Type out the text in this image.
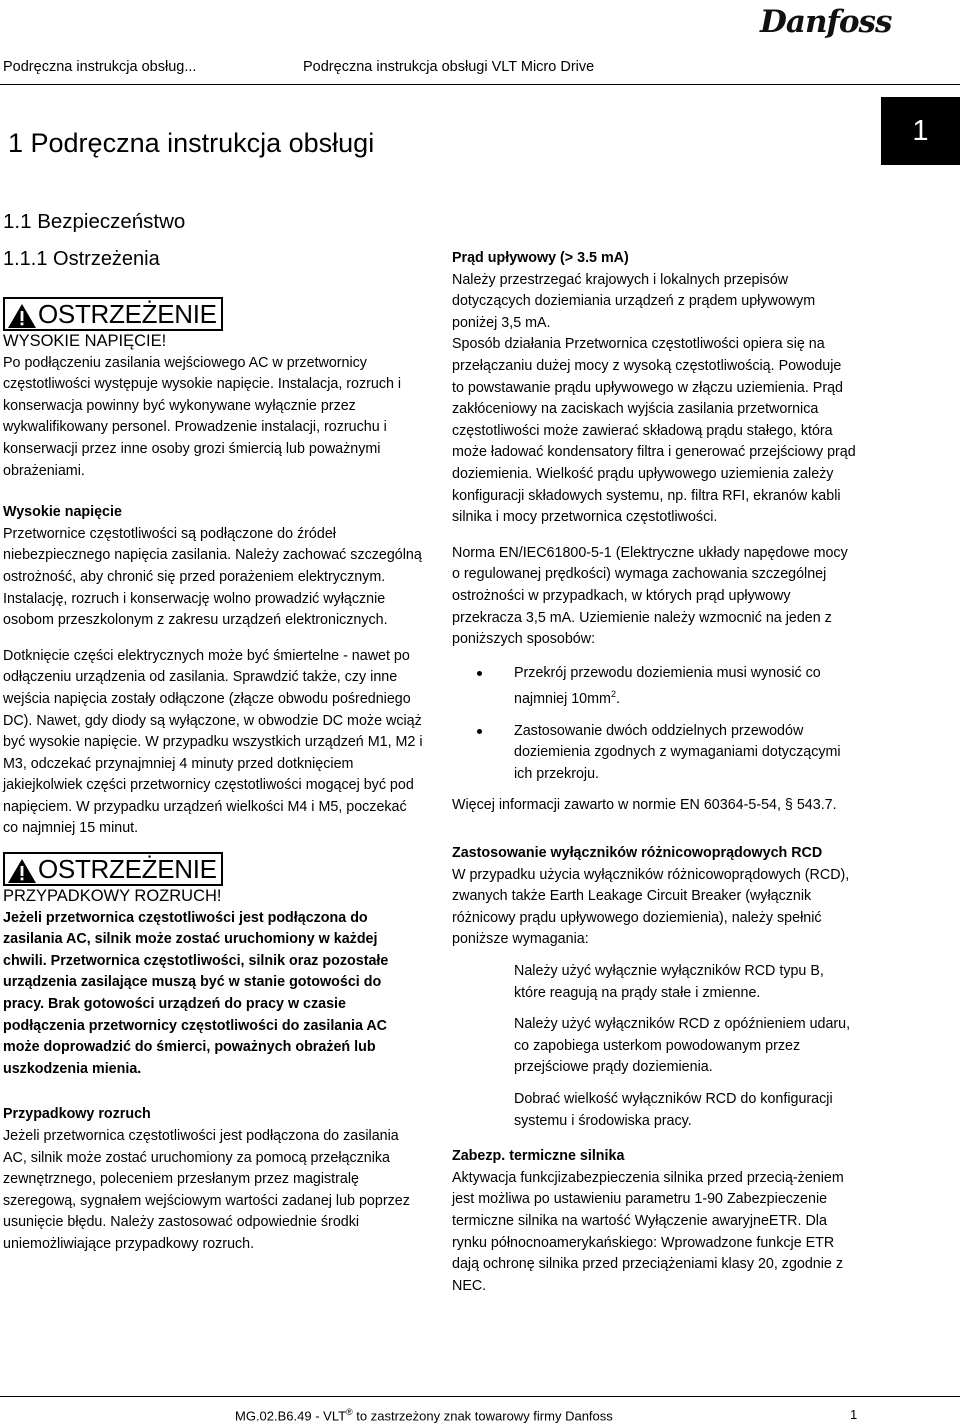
Podręczna instrukcja obsług...	Podręczna instrukcja obsługi VLT Micro Drive
Danfoss
1
1 Podręczna instrukcja obsługi
1.1 Bezpieczeństwo
1.1.1 Ostrzeżenia
OSTRZEŻENIE

WYSOKIE NAPIĘCIE!

Po podłączeniu zasilania wejściowego AC w przetwornicy częstotliwości występuje wysokie napięcie. Instalacja, rozruch i konserwacja powinny być wykonywane wyłącznie przez wykwalifikowany personel. Prowadzenie instalacji, rozruchu i konserwacji przez inne osoby grozi śmiercią lub poważnymi obrażeniami.

Wysokie napięcie

Przetwornice częstotliwości są podłączone do źródeł niebezpiecznego napięcia zasilania. Należy zachować szczególną ostrożność, aby chronić się przed porażeniem elektrycznym. Instalację, rozruch i konserwację wolno prowadzić wyłącznie osobom przeszkolonym z zakresu urządzeń elektronicznych.

Dotknięcie części elektrycznych może być śmiertelne - nawet po odłączeniu urządzenia od zasilania. Sprawdzić także, czy inne wejścia napięcia zostały odłączone (złącze obwodu pośredniego DC). Nawet, gdy diody są wyłączone, w obwodzie DC może wciąż być wysokie napięcie. W przypadku wszystkich urządzeń M1, M2 i M3, odczekać przynajmniej 4 minuty przed dotknięciem jakiejkolwiek części przetwornicy częstotliwości mogącej być pod napięciem. W przypadku urządzeń wielkości M4 i M5, poczekać co najmniej 15 minut.

OSTRZEŻENIE

PRZYPADKOWY ROZRUCH!

Jeżeli przetwornica częstotliwości jest podłączona do zasilania AC, silnik może zostać uruchomiony w każdej chwili. Przetwornica częstotliwości, silnik oraz pozostałe urządzenia zasilające muszą być w stanie gotowości do pracy. Brak gotowości urządzeń do pracy w czasie podłączenia przetwornicy częstotliwości do zasilania AC może doprowadzić do śmierci, poważnych obrażeń lub uszkodzenia mienia.

Przypadkowy rozruch

Jeżeli przetwornica częstotliwości jest podłączona do zasilania AC, silnik może zostać uruchomiony za pomocą przełącznika zewnętrznego, poleceniem przesłanym przez magistralę szeregową, sygnałem wejściowym wartości zadanej lub poprzez usunięcie błędu. Należy zastosować odpowiednie środki uniemożliwiające przypadkowy rozruch.

Prąd upływowy (> 3.5 mA)

Należy przestrzegać krajowych i lokalnych przepisów dotyczących doziemiania urządzeń z prądem upływowym poniżej 3,5 mA.

Sposób działania Przetwornica częstotliwości opiera się na przełączaniu dużej mocy z wysoką częstotliwością. Powoduje to powstawanie prądu upływowego w złączu uziemienia. Prąd zakłóceniowy na zaciskach wyjścia zasilania przetwornica częstotliwości może zawierać składową prądu stałego, która może ładować kondensatory filtra i generować przejściowy prąd doziemienia. Wielkość prądu upływowego uziemienia zależy konfiguracji składowych systemu, np. filtra RFI, ekranów kabli silnika i mocy przetwornica częstotliwości.

Norma EN/IEC61800-5-1 (Elektryczne układy napędowe mocy o regulowanej prędkości) wymaga zachowania szczególnej ostrożności w przypadkach, w których prąd upływowy przekracza 3,5 mA. Uziemienie należy wzmocnić na jeden z poniższych sposobów:

Przekrój przewodu doziemienia musi wynosić co najmniej $10mm^2$.
Zastosowanie dwóch oddzielnych przewodów doziemienia zgodnych z wymaganiami dotyczącymi ich przekroju.

Więcej informacji zawarto w normie EN 60364-5-54, § 543.7.

Zastosowanie wyłączników różnicowoprądowych RCD

W przypadku użycia wyłączników różnicowoprądowych (RCD), zwanych także Earth Leakage Circuit Breaker (wyłącznik różnicowy prądu upływowego doziemienia), należy spełnić poniższe wymagania:

Należy użyć wyłącznie wyłączników RCD typu B, które reagują na prądy stałe i zmienne.

Należy użyć wyłączników RCD z opóźnieniem udaru, co zapobiega usterkom powodowanym przez przejściowe prądy doziemienia.

Dobrać wielkość wyłączników RCD do konfiguracji systemu i środowiska pracy.

Zabezp. termiczne silnika

Aktywacja funkcjizabezpieczenia silnika przed przecią-żeniem jest możliwa po ustawieniu parametru 1-90 Zabezpieczenie termiczne silnika na wartość Wyłączenie awaryjneETR. Dla rynku północnoamerykańskiego: Wprowadzone funkcje ETR dają ochronę silnika przed przeciążeniami klasy 20, zgodnie z NEC.

MG.02.B6.49 - VLT® to zastrzeżony znak towarowy firmy Danfoss	1
